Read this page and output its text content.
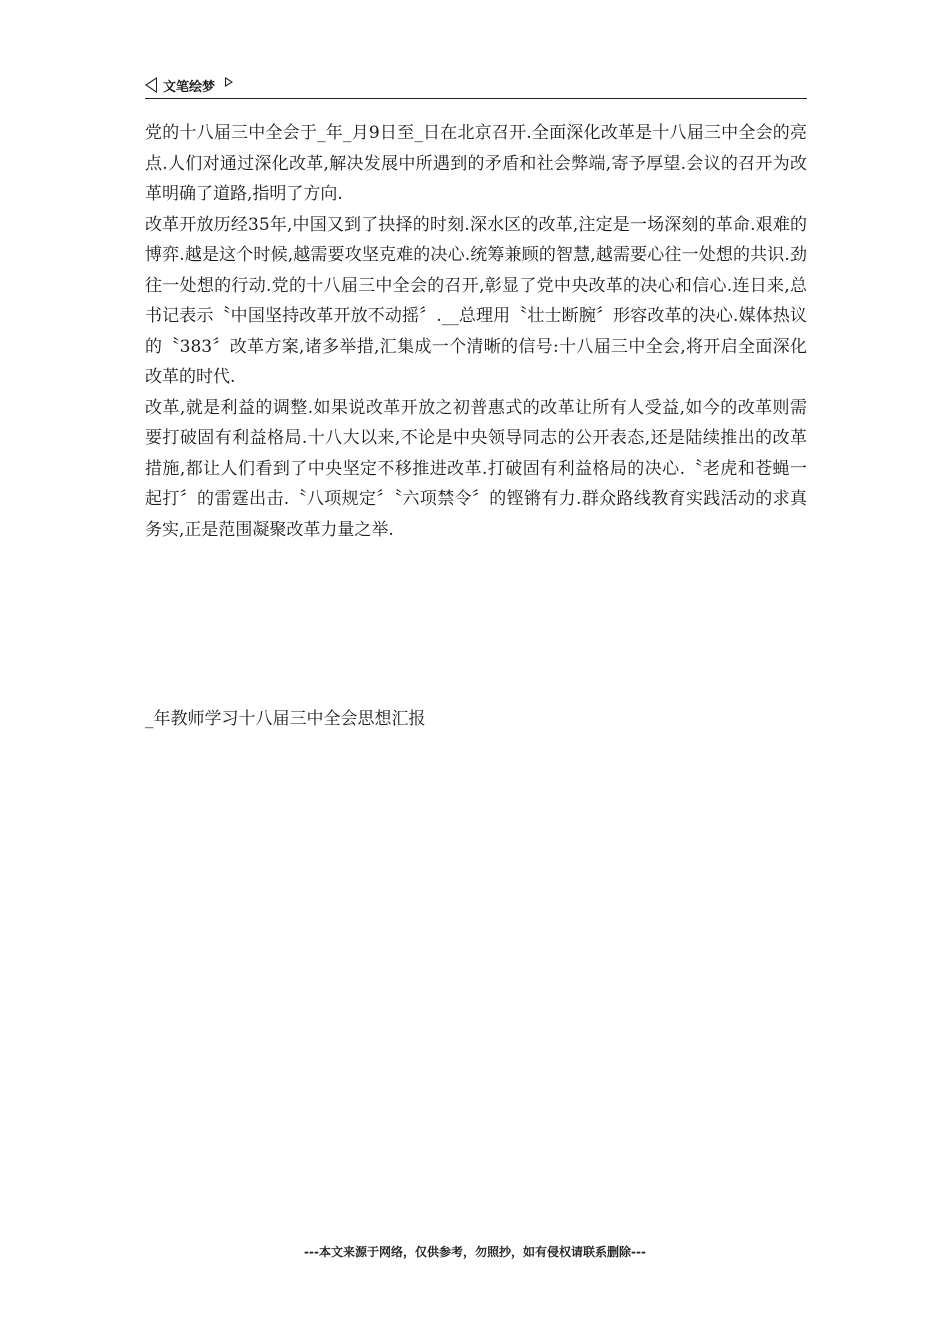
文笔绘梦

党的十八届三中全会于_年_月9日至_日在北京召开.全面深化改革是十八届三中全会的亮点.人们对通过深化改革,解决发展中所遇到的矛盾和社会弊端,寄予厚望.会议的召开为改革明确了道路,指明了方向.

改革开放历经35年,中国又到了抉择的时刻.深水区的改革,注定是一场深刻的革命.艰难的博弈.越是这个时候,越需要攻坚克难的决心.统筹兼顾的智慧,越需要心往一处想的共识.劲往一处想的行动.党的十八届三中全会的召开,彰显了党中央改革的决心和信心.连日来,总书记表示〝中国坚持改革开放不动摇〞.__总理用〝壮士断腕〞形容改革的决心.媒体热议的〝383〞改革方案,诸多举措,汇集成一个清晰的信号:十八届三中全会,将开启全面深化改革的时代.

改革,就是利益的调整.如果说改革开放之初普惠式的改革让所有人受益,如今的改革则需要打破固有利益格局.十八大以来,不论是中央领导同志的公开表态,还是陆续推出的改革措施,都让人们看到了中央坚定不移推进改革.打破固有利益格局的决心.〝老虎和苍蝇一起打〞的雷霆出击.〝八项规定〞〝六项禁令〞的铿锵有力.群众路线教育实践活动的求真务实,正是范围凝聚改革力量之举.

_年教师学习十八届三中全会思想汇报
---本文来源于网络，仅供参考，勿照抄，如有侵权请联系删除---
